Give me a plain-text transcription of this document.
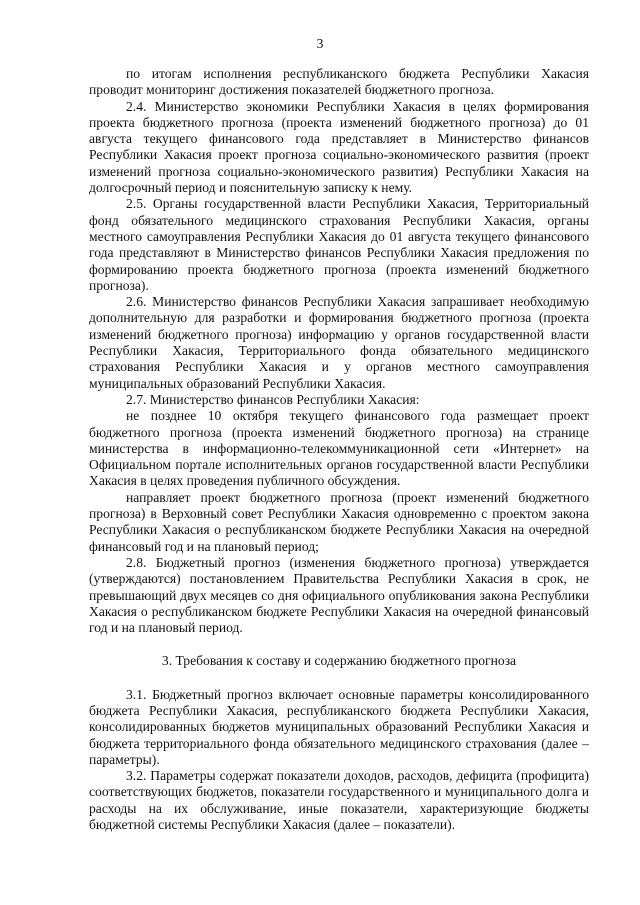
3

по итогам исполнения республиканского бюджета Республики Хакасия проводит мониторинг достижения показателей бюджетного прогноза.

2.4. Министерство экономики Республики Хакасия в целях формирования проекта бюджетного прогноза (проекта изменений бюджетного прогноза) до 01 августа текущего финансового года представляет в Министерство финансов Республики Хакасия проект прогноза социально-экономического развития (проект изменений прогноза социально-экономического развития) Республики Хакасия на долгосрочный период и пояснительную записку к нему.

2.5. Органы государственной власти Республики Хакасия, Территориальный фонд обязательного медицинского страхования Республики Хакасия, органы местного самоуправления Республики Хакасия до 01 августа текущего финансового года представляют в Министерство финансов Республики Хакасия предложения по формированию проекта бюджетного прогноза (проекта изменений бюджетного прогноза).

2.6. Министерство финансов Республики Хакасия запрашивает необходимую дополнительную для разработки и формирования бюджетного прогноза (проекта изменений бюджетного прогноза) информацию у органов государственной власти Республики Хакасия, Территориального фонда обязательного медицинского страхования Республики Хакасия и у органов местного самоуправления муниципальных образований Республики Хакасия.

2.7. Министерство финансов Республики Хакасия:

не позднее 10 октября текущего финансового года размещает проект бюджетного прогноза (проекта изменений бюджетного прогноза) на странице министерства в информационно-телекоммуникационной сети «Интернет» на Официальном портале исполнительных органов государственной власти Республики Хакасия в целях проведения публичного обсуждения.

направляет проект бюджетного прогноза (проект изменений бюджетного прогноза) в Верховный совет Республики Хакасия одновременно с проектом закона Республики Хакасия о республиканском бюджете Республики Хакасия на очередной финансовый год и на плановый период;

2.8. Бюджетный прогноз (изменения бюджетного прогноза) утверждается (утверждаются) постановлением Правительства Республики Хакасия в срок, не превышающий двух месяцев со дня официального опубликования закона Республики Хакасия о республиканском бюджете Республики Хакасия на очередной финансовый год и на плановый период.

3. Требования к составу и содержанию бюджетного прогноза

3.1. Бюджетный прогноз включает основные параметры консолидированного бюджета Республики Хакасия, республиканского бюджета Республики Хакасия, консолидированных бюджетов муниципальных образований Республики Хакасия и бюджета территориального фонда обязательного медицинского страхования (далее – параметры).

3.2. Параметры содержат показатели доходов, расходов, дефицита (профицита) соответствующих бюджетов, показатели государственного и муниципального долга и расходы на их обслуживание, иные показатели, характеризующие бюджеты бюджетной системы Республики Хакасия (далее – показатели).
